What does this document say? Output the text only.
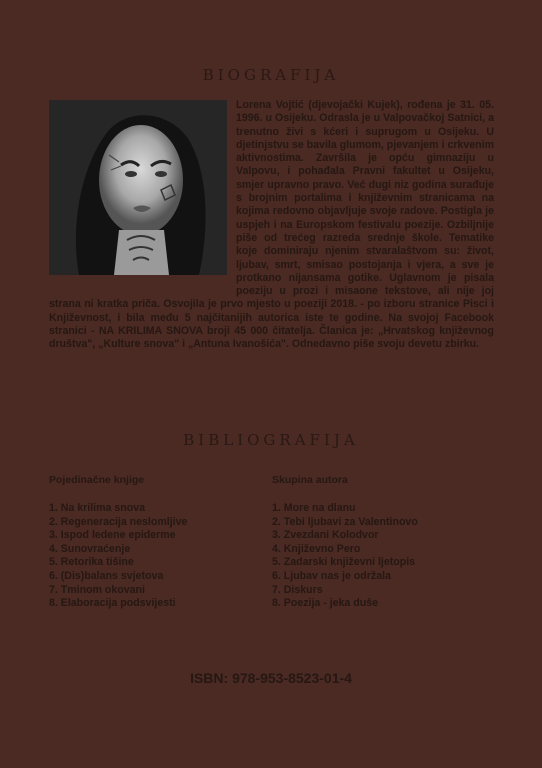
BIOGRAFIJA
Lorena Vojtić (djevojački Kujek), rođena je 31. 05. 1996. u Osijeku. Odrasla je u Valpovačkoj Satnici, a trenutno živi s kćeri i suprugom u Osijeku. U djetinjstvu se bavila glumom, pjevanjem i crkvenim aktivnostima. Završila je opću gimnaziju u Valpovu, i pohađala Pravni fakultet u Osijeku, smjer upravno pravo. Već dugi niz godina surađuje s brojnim portalima i književnim stranicama na kojima redovno objavljuje svoje radove. Postigla je uspjeh i na Europskom festivalu poezije. Ozbiljnije piše od trećeg razreda srednje škole. Tematike koje dominiraju njenim stvaralaštvom su: život, ljubav, smrt, smisao postojanja i vjera, a sve je protkano nijansama gotike. Uglavnom je pisala poeziju u prozi i misaone tekstove, ali nije joj strana ni kratka priča. Osvojila je prvo mjesto u poeziji 2018. - po izboru stranice Pisci i Književnost, i bila među 5 najčitanijih autorica iste te godine. Na svojoj Facebook stranici - NA KRILIMA SNOVA broji 45 000 čitatelja. Članica je: „Hrvatskog književnog društva", „Kulture snova" i „Antuna Ivanošića". Odnedavno piše svoju devetu zbirku.
BIBLIOGRAFIJA
Pojedinačne knjige
1. Na krilima snova
2. Regeneracija neslomljive
3. Ispod ledene epiderme
4. Sunovraćenje
5. Retorika tišine
6. (Dis)balans svjetova
7. Tminom okovani
8. Elaboracija podsvijesti
Skupina autora
1. More na dlanu
2. Tebi ljubavi za Valentinovo
3. Zvezdani Kolodvor
4. Književno Pero
5. Zadarski književni ljetopis
6. Ljubav nas je održala
7. Diskurs
8. Poezija - jeka duše
ISBN: 978-953-8523-01-4
